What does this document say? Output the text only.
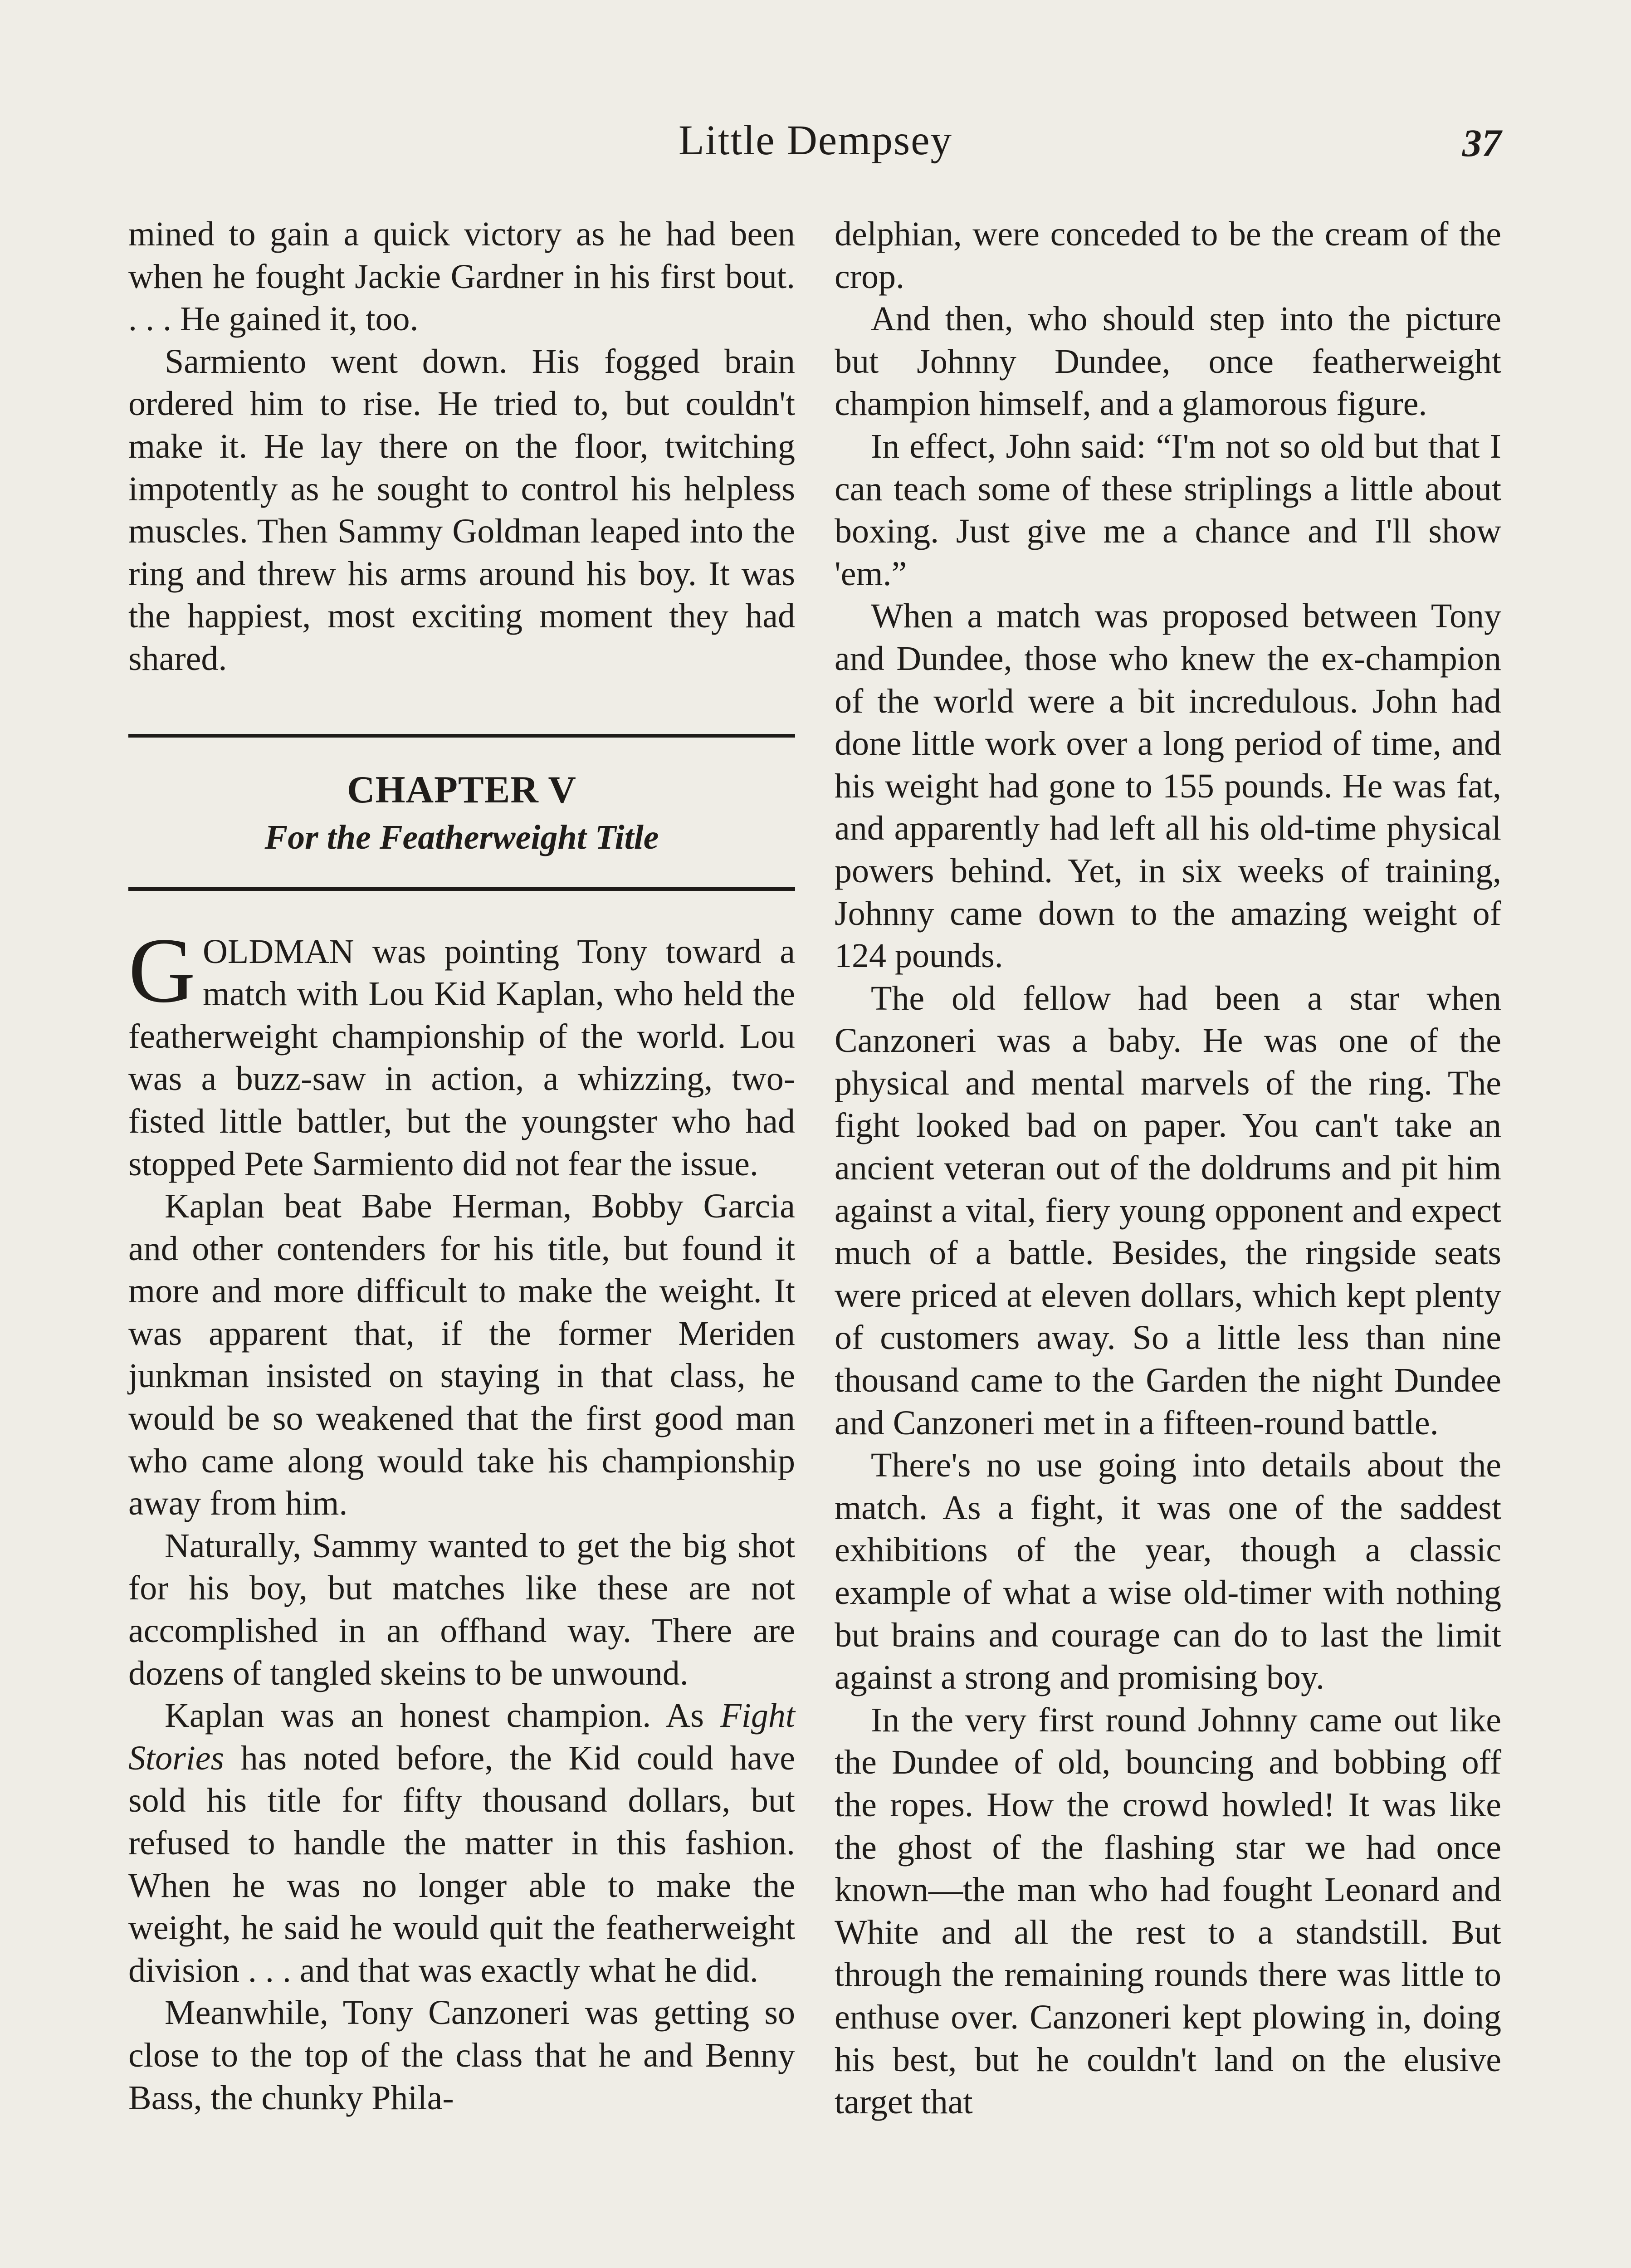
Little Dempsey	37

mined to gain a quick victory as he had been when he fought Jackie Gardner in his first bout. . . . He gained it, too.

Sarmiento went down. His fogged brain ordered him to rise. He tried to, but couldn't make it. He lay there on the floor, twitching impotently as he sought to control his helpless muscles. Then Sammy Goldman leaped into the ring and threw his arms around his boy. It was the happiest, most exciting moment they had shared.

CHAPTER V
For the Featherweight Title

GOLDMAN was pointing Tony toward a match with Lou Kid Kaplan, who held the featherweight championship of the world. Lou was a buzz-saw in action, a whizzing, two-fisted little battler, but the youngster who had stopped Pete Sarmiento did not fear the issue.

Kaplan beat Babe Herman, Bobby Garcia and other contenders for his title, but found it more and more difficult to make the weight. It was apparent that, if the former Meriden junkman insisted on staying in that class, he would be so weakened that the first good man who came along would take his championship away from him.

Naturally, Sammy wanted to get the big shot for his boy, but matches like these are not accomplished in an offhand way. There are dozens of tangled skeins to be unwound.

Kaplan was an honest champion. As Fight Stories has noted before, the Kid could have sold his title for fifty thousand dollars, but refused to handle the matter in this fashion. When he was no longer able to make the weight, he said he would quit the featherweight division . . . and that was exactly what he did.

Meanwhile, Tony Canzoneri was getting so close to the top of the class that he and Benny Bass, the chunky Phila-

delphian, were conceded to be the cream of the crop.

And then, who should step into the picture but Johnny Dundee, once featherweight champion himself, and a glamorous figure.

In effect, John said: “I'm not so old but that I can teach some of these striplings a little about boxing. Just give me a chance and I'll show 'em.”

When a match was proposed between Tony and Dundee, those who knew the ex-champion of the world were a bit incredulous. John had done little work over a long period of time, and his weight had gone to 155 pounds. He was fat, and apparently had left all his old-time physical powers behind. Yet, in six weeks of training, Johnny came down to the amazing weight of 124 pounds.

The old fellow had been a star when Canzoneri was a baby. He was one of the physical and mental marvels of the ring. The fight looked bad on paper. You can't take an ancient veteran out of the doldrums and pit him against a vital, fiery young opponent and expect much of a battle. Besides, the ringside seats were priced at eleven dollars, which kept plenty of customers away. So a little less than nine thousand came to the Garden the night Dundee and Canzoneri met in a fifteen-round battle.

There's no use going into details about the match. As a fight, it was one of the saddest exhibitions of the year, though a classic example of what a wise old-timer with nothing but brains and courage can do to last the limit against a strong and promising boy.

In the very first round Johnny came out like the Dundee of old, bouncing and bobbing off the ropes. How the crowd howled! It was like the ghost of the flashing star we had once known—the man who had fought Leonard and White and all the rest to a standstill. But through the remaining rounds there was little to enthuse over. Canzoneri kept plowing in, doing his best, but he couldn't land on the elusive target that
